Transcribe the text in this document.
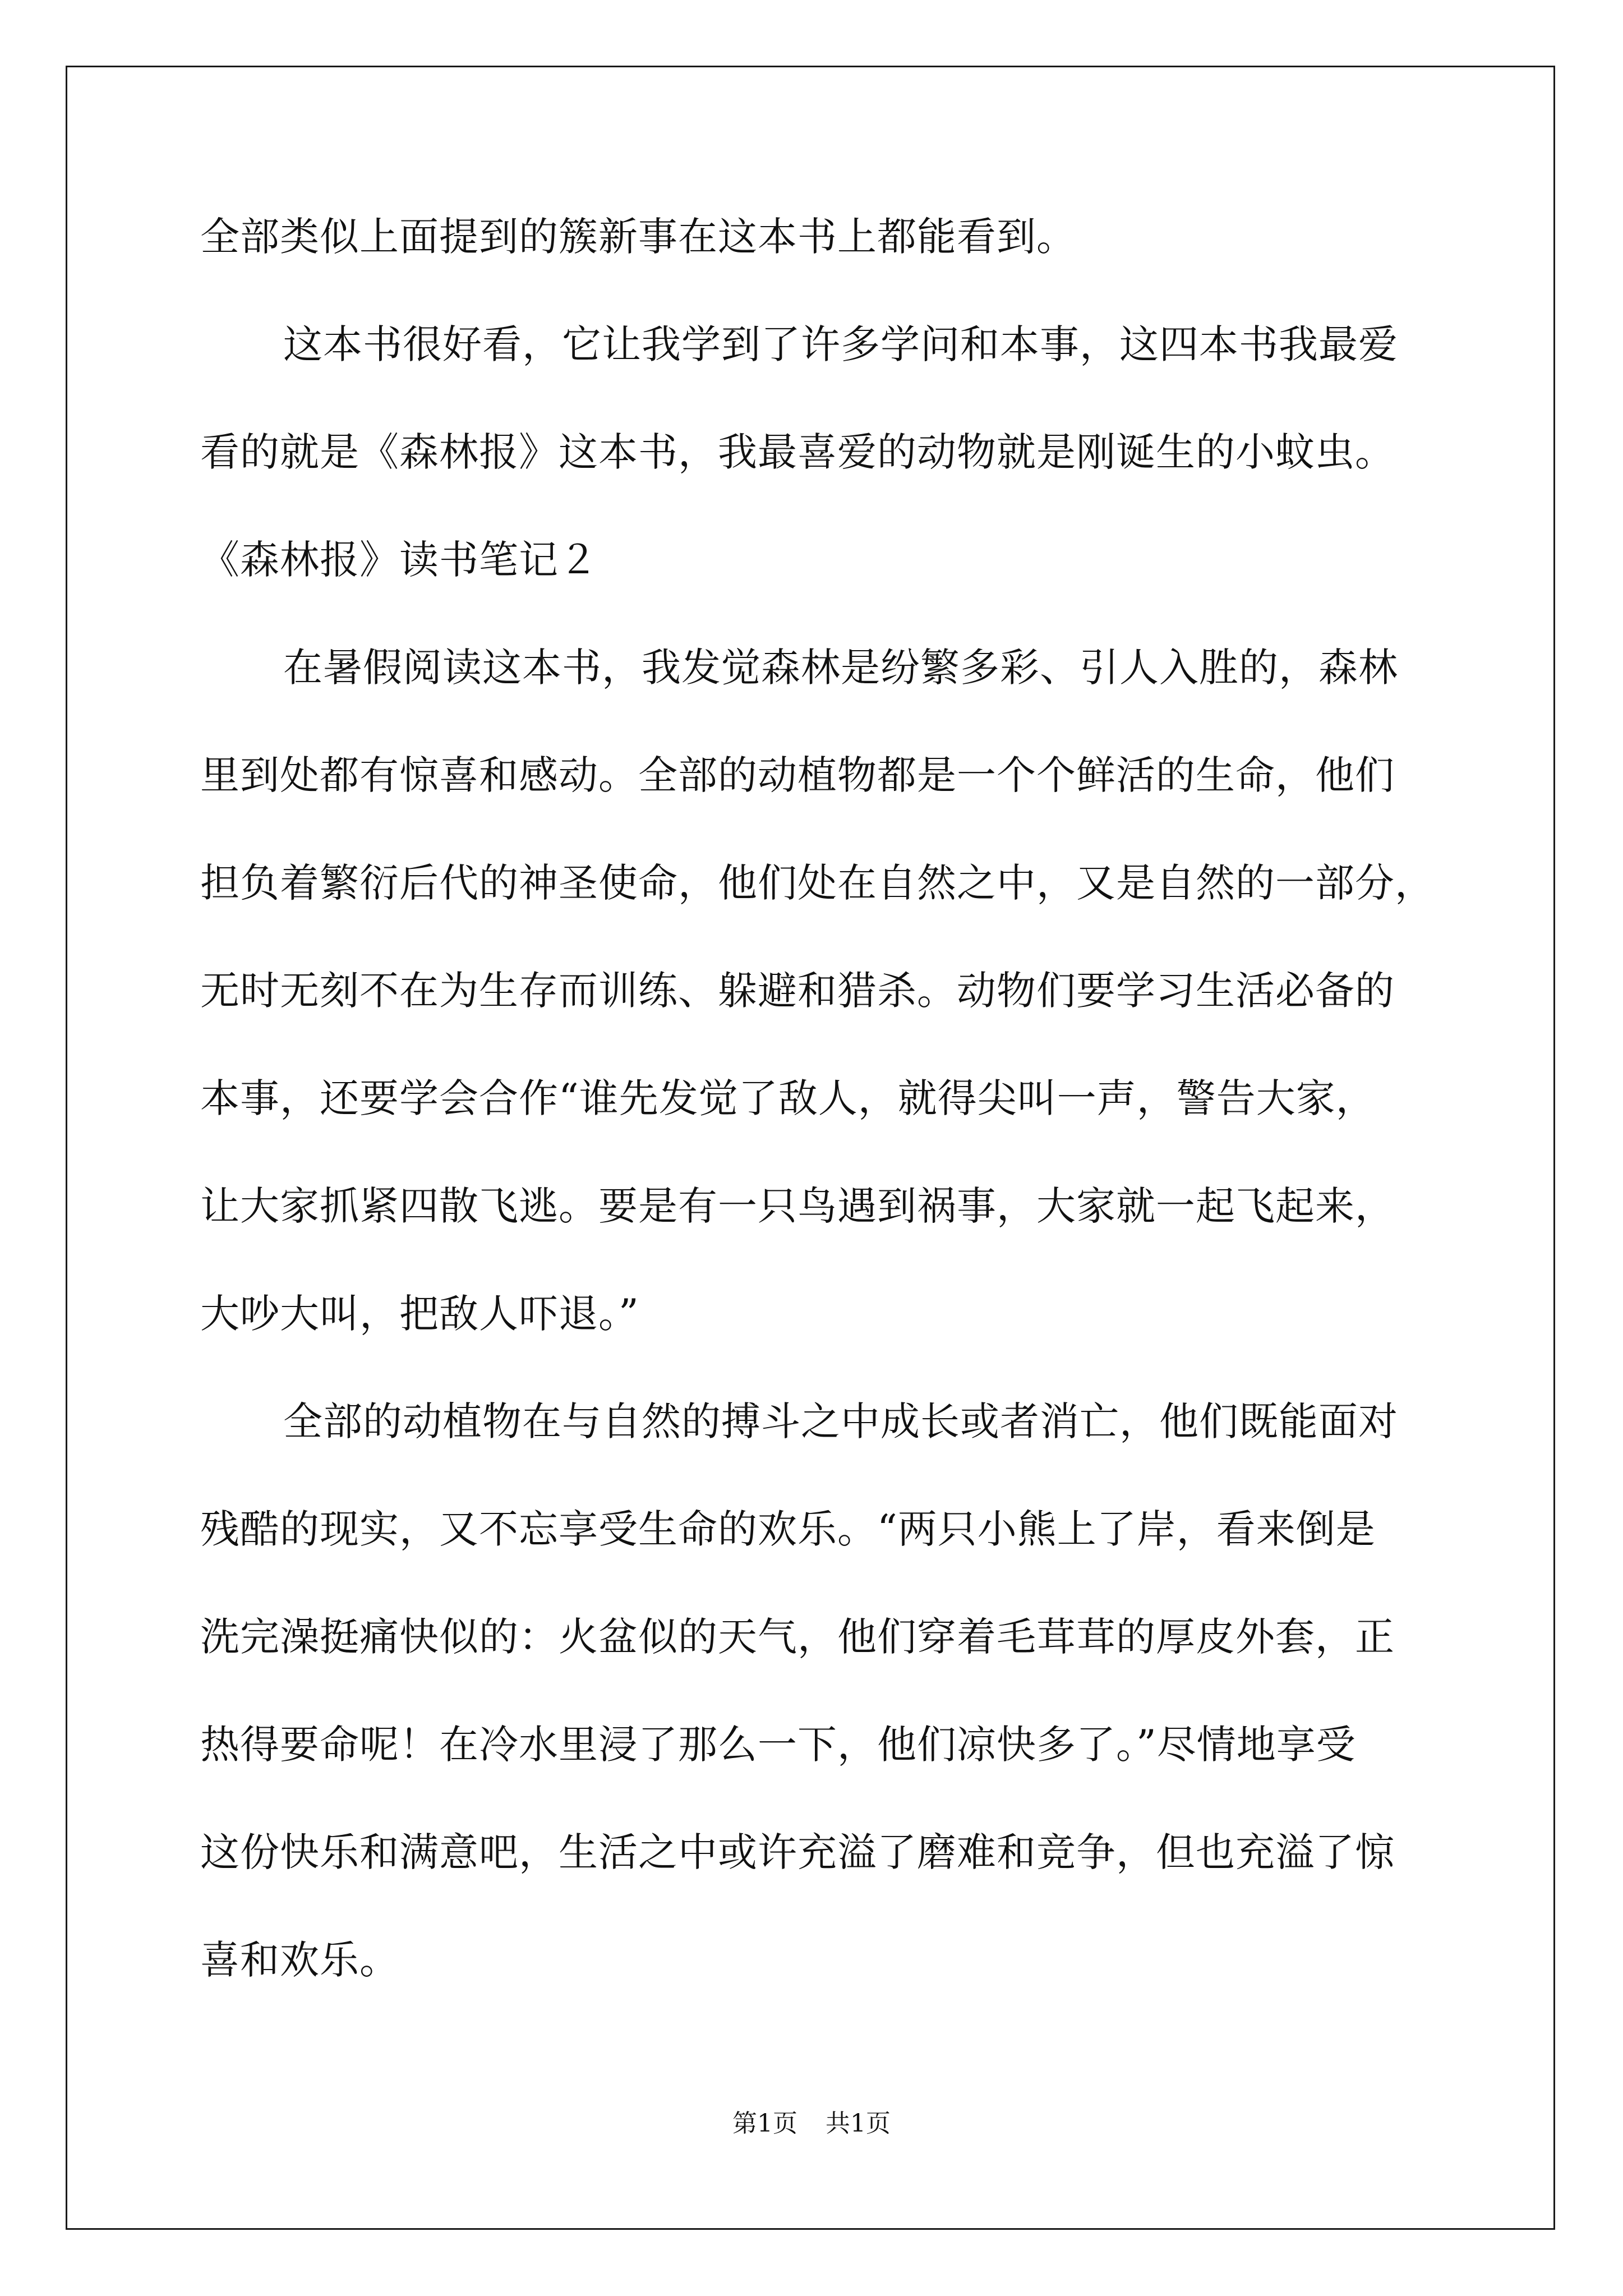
全部类似上面提到的簇新事在这本书上都能看到。
这本书很好看，它让我学到了许多学问和本事，这四本书我最爱
看的就是《森林报》这本书，我最喜爱的动物就是刚诞生的小蚊虫。
《森林报》读书笔记２
在暑假阅读这本书，我发觉森林是纷繁多彩、引人入胜的，森林
里到处都有惊喜和感动。全部的动植物都是一个个鲜活的生命，他们
担负着繁衍后代的神圣使命，他们处在自然之中，又是自然的一部分，
无时无刻不在为生存而训练、躲避和猎杀。动物们要学习生活必备的
本事，还要学会合作“谁先发觉了敌人，就得尖叫一声，警告大家，
让大家抓紧四散飞逃。要是有一只鸟遇到祸事，大家就一起飞起来，
大吵大叫，把敌人吓退。”
全部的动植物在与自然的搏斗之中成长或者消亡，他们既能面对
残酷的现实，又不忘享受生命的欢乐。“两只小熊上了岸，看来倒是
洗完澡挺痛快似的：火盆似的天气，他们穿着毛茸茸的厚皮外套，正
热得要命呢！在冷水里浸了那么一下，他们凉快多了。”尽情地享受
这份快乐和满意吧，生活之中或许充溢了磨难和竞争，但也充溢了惊
喜和欢乐。
第1页 共1页
